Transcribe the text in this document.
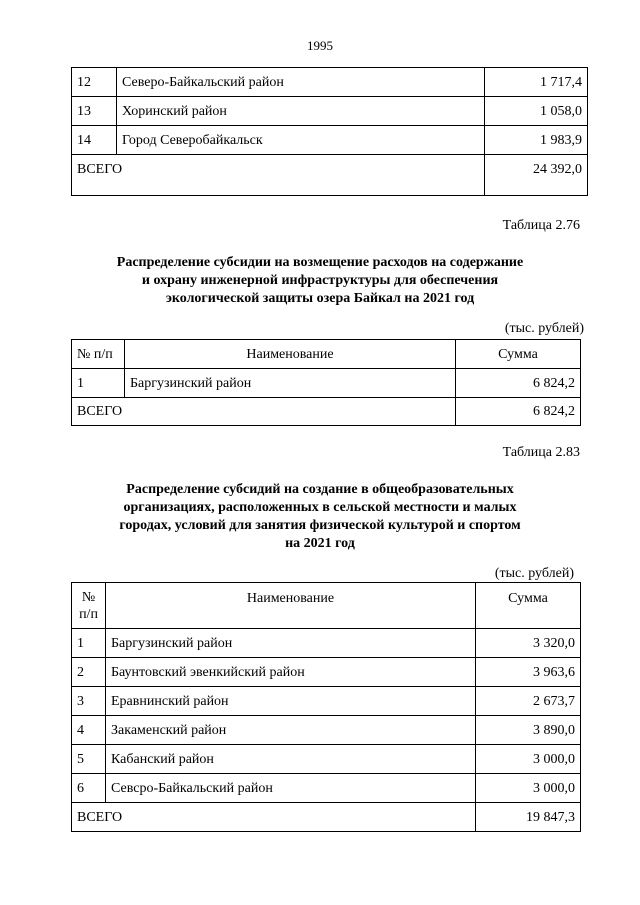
1995
12	Северо-Байкальский район	1 717,4
13	Хоринский район	1 058,0
14	Город Северобайкальск	1 983,9
ВСЕГО		24 392,0
Таблица 2.76
Распределение субсидии на возмещение расходов на содержание
и охрану инженерной инфраструктуры для обеспечения
экологической защиты озера Байкал на 2021 год
(тыс. рублей)
№ п/п	Наименование	Сумма
1	Баргузинский район	6 824,2
ВСЕГО		6 824,2
Таблица 2.83
Распределение субсидий на создание в общеобразовательных
организациях, расположенных в сельской местности и малых
городах, условий для занятия физической культурой и спортом
на 2021 год
(тыс. рублей)
№
п/п	Наименование	Сумма
1	Баргузинский район	3 320,0
2	Баунтовский эвенкийский район	3 963,6
3	Еравнинский район	2 673,7
4	Закаменский район	3 890,0
5	Кабанский район	3 000,0
6	Севсро-Байкальский район	3 000,0
ВСЕГО		19 847,3
